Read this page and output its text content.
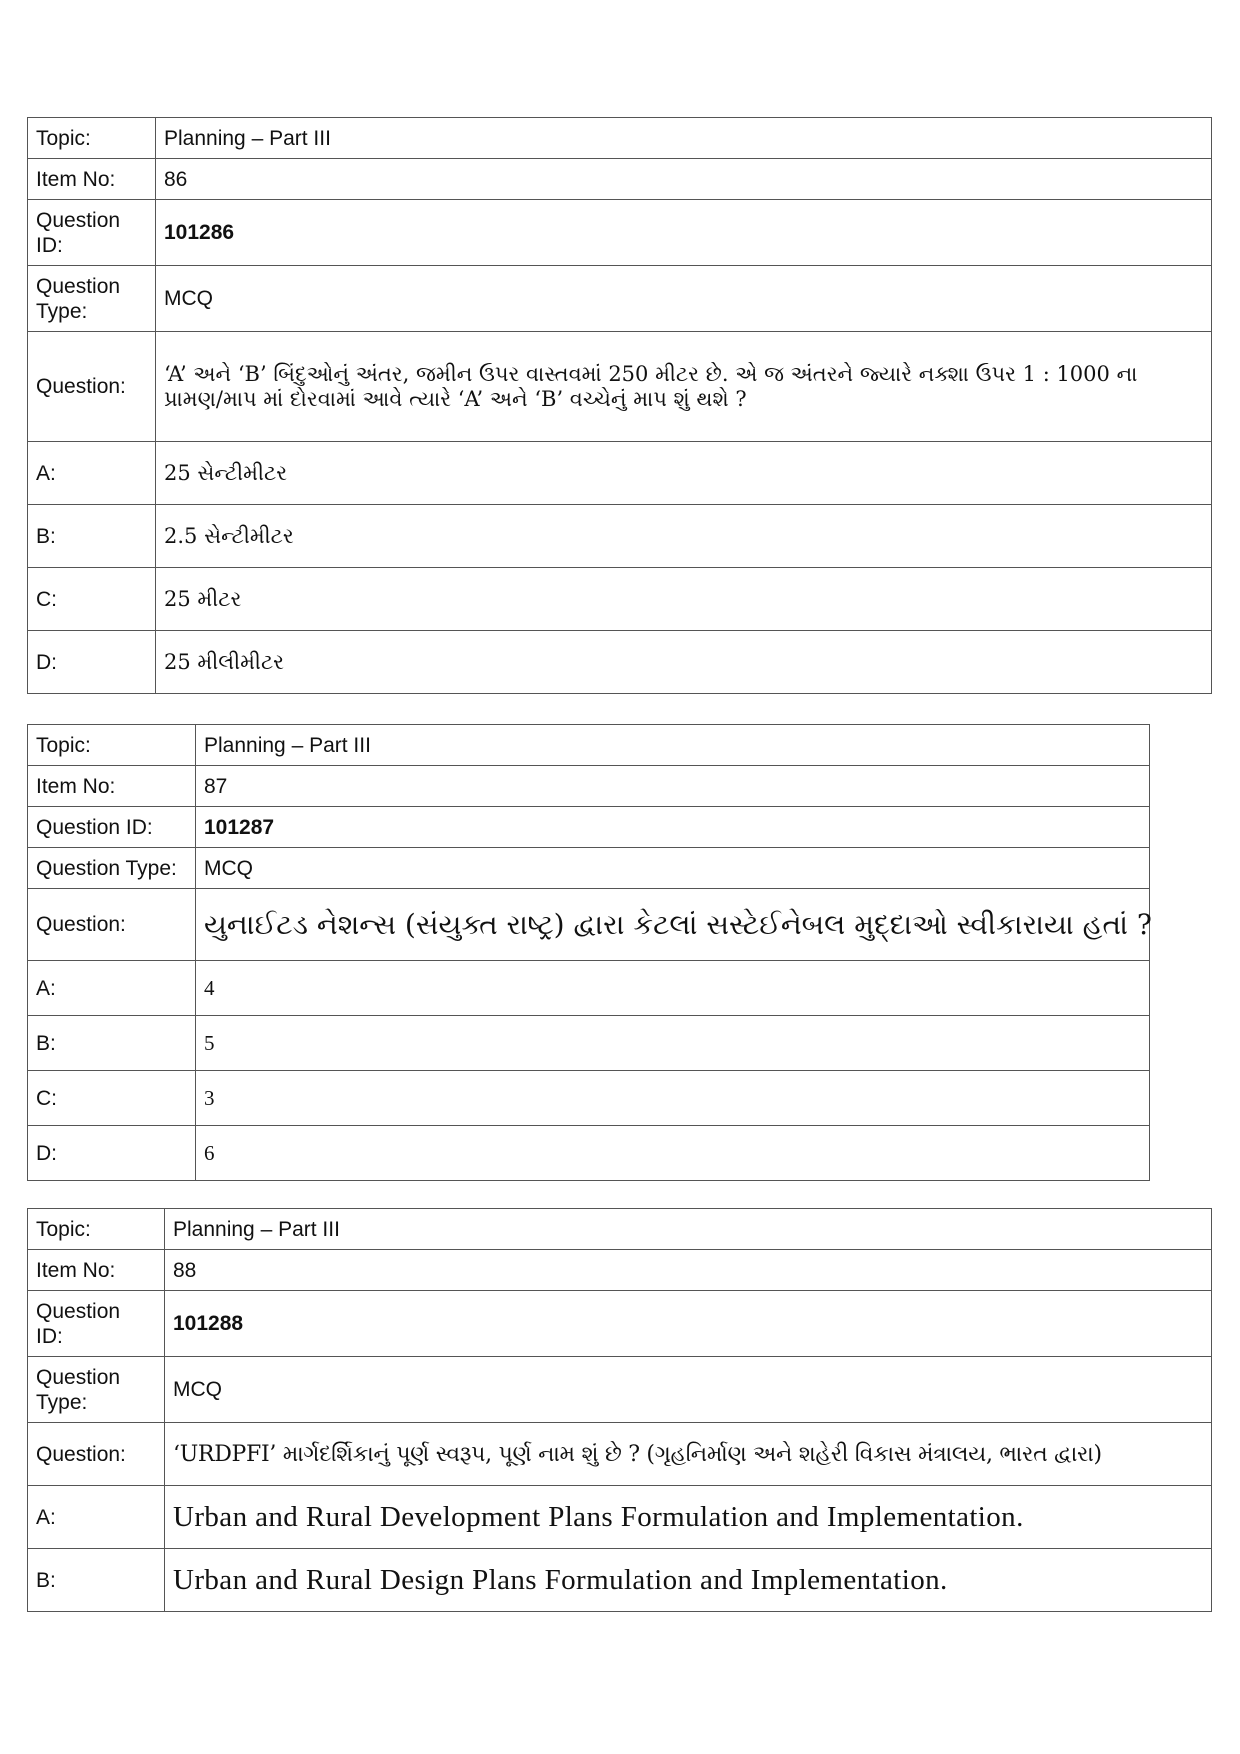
Topic:	Planning – Part III
Item No:	86
Question
ID:	101286
Question
Type:	MCQ
Question:	‘A’ અને ‘B’ બિંદુઓનું અંતર, જમીન ઉપર વાસ્તવમાં 250 મીટર છે. એ જ અંતરને જ્યારે નક્શા ઉપર 1 : 1000 ના પ્રામણ/માપ માં દોરવામાં આવે ત્યારે ‘A’ અને ‘B’ વચ્ચેનું માપ શું થશે ?
A:	25 સેન્ટીમીટર
B:	2.5 સેન્ટીમીટર
C:	25 મીટર
D:	25 મીલીમીટર
Topic:	Planning – Part III
Item No:	87
Question ID:	101287
Question Type:	MCQ
Question:	યુનાઈટડ નેશન્સ (સંયુક્ત રાષ્ટ્ર) દ્વારા કેટલાં સસ્ટેઈનેબલ મુદ્દાઓ સ્વીકારાયા હતાં ?
A:	4
B:	5
C:	3
D:	6
Topic:	Planning – Part III
Item No:	88
Question
ID:	101288
Question
Type:	MCQ
Question:	‘URDPFI’ માર્ગદર્શિકાનું પૂર્ણ સ્વરૂપ, પૂર્ણ નામ શું છે ? (ગૃહનિર્માણ અને શહેરી વિકાસ મંત્રાલય, ભારત દ્વારા)
A:	Urban and Rural Development Plans Formulation and Implementation.
B:	Urban and Rural Design Plans Formulation and Implementation.
